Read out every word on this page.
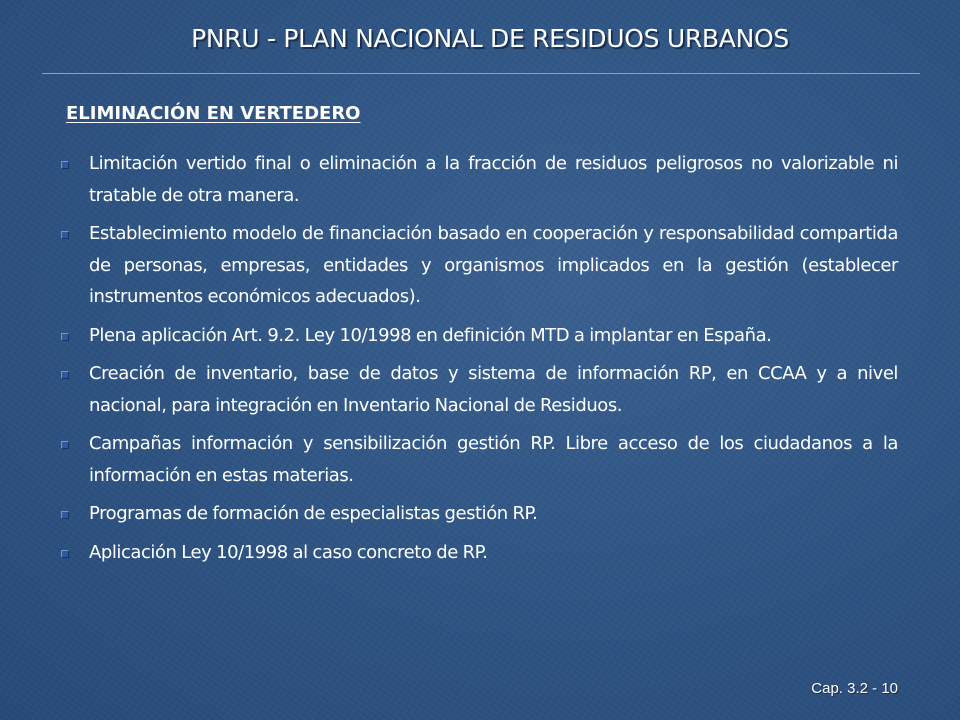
PNRU - PLAN NACIONAL DE RESIDUOS URBANOS
ELIMINACIÓN EN VERTEDERO
Limitación vertido final o eliminación a la fracción de residuos peligrosos no valorizable ni tratable de otra manera.
Establecimiento modelo de financiación basado en cooperación y responsabilidad compartida de personas, empresas, entidades y organismos implicados en la gestión (establecer instrumentos económicos adecuados).
Plena aplicación Art. 9.2. Ley 10/1998 en definición MTD a implantar en España.
Creación de inventario, base de datos y sistema de información RP, en CCAA y a nivel nacional, para integración en Inventario Nacional de Residuos.
Campañas información y sensibilización gestión RP. Libre acceso de los ciudadanos a la información en estas materias.
Programas de formación de especialistas gestión RP.
Aplicación Ley 10/1998 al caso concreto de RP.
Cap. 3.2 - 10
